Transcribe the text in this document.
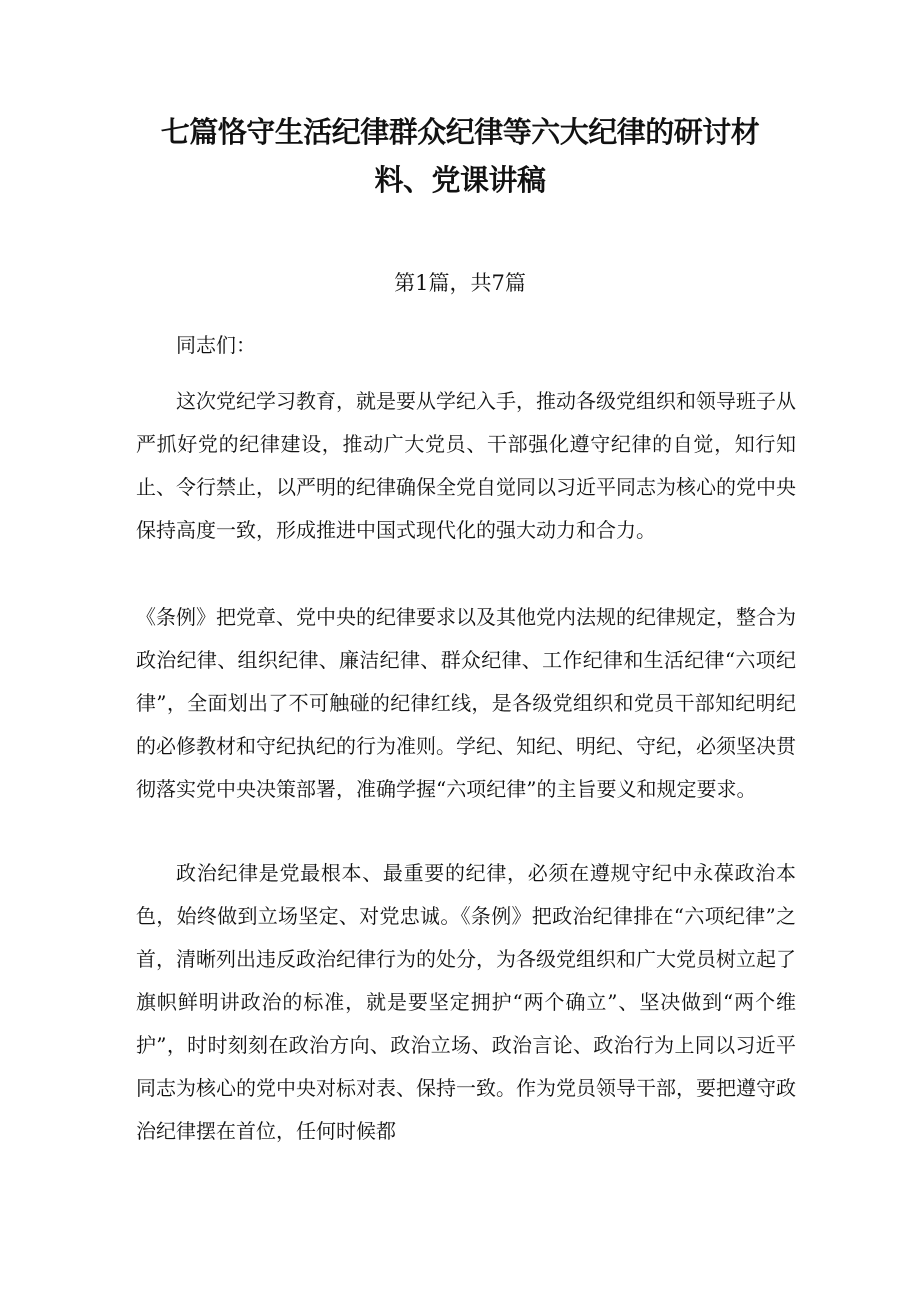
七篇恪守生活纪律群众纪律等六大纪律的研讨材
料、党课讲稿
第1篇，共7篇

同志们：

这次党纪学习教育，就是要从学纪入手，推动各级党组织和领导班子从严抓好党的纪律建设，推动广大党员、干部强化遵守纪律的自觉，知行知止、令行禁止，以严明的纪律确保全党自觉同以习近平同志为核心的党中央保持高度一致，形成推进中国式现代化的强大动力和合力。

《条例》把党章、党中央的纪律要求以及其他党内法规的纪律规定，整合为政治纪律、组织纪律、廉洁纪律、群众纪律、工作纪律和生活纪律“六项纪律”，全面划出了不可触碰的纪律红线，是各级党组织和党员干部知纪明纪的必修教材和守纪执纪的行为准则。学纪、知纪、明纪、守纪，必须坚决贯彻落实党中央决策部署，准确学握“六项纪律”的主旨要义和规定要求。

政治纪律是党最根本、最重要的纪律，必须在遵规守纪中永葆政治本色，始终做到立场坚定、对党忠诚。《条例》把政治纪律排在“六项纪律”之首，清晰列出违反政治纪律行为的处分，为各级党组织和广大党员树立起了旗帜鲜明讲政治的标准，就是要坚定拥护“两个确立”、坚决做到“两个维护”，时时刻刻在政治方向、政治立场、政治言论、政治行为上同以习近平同志为核心的党中央对标对表、保持一致。作为党员领导干部，要把遵守政治纪律摆在首位，任何时候都
